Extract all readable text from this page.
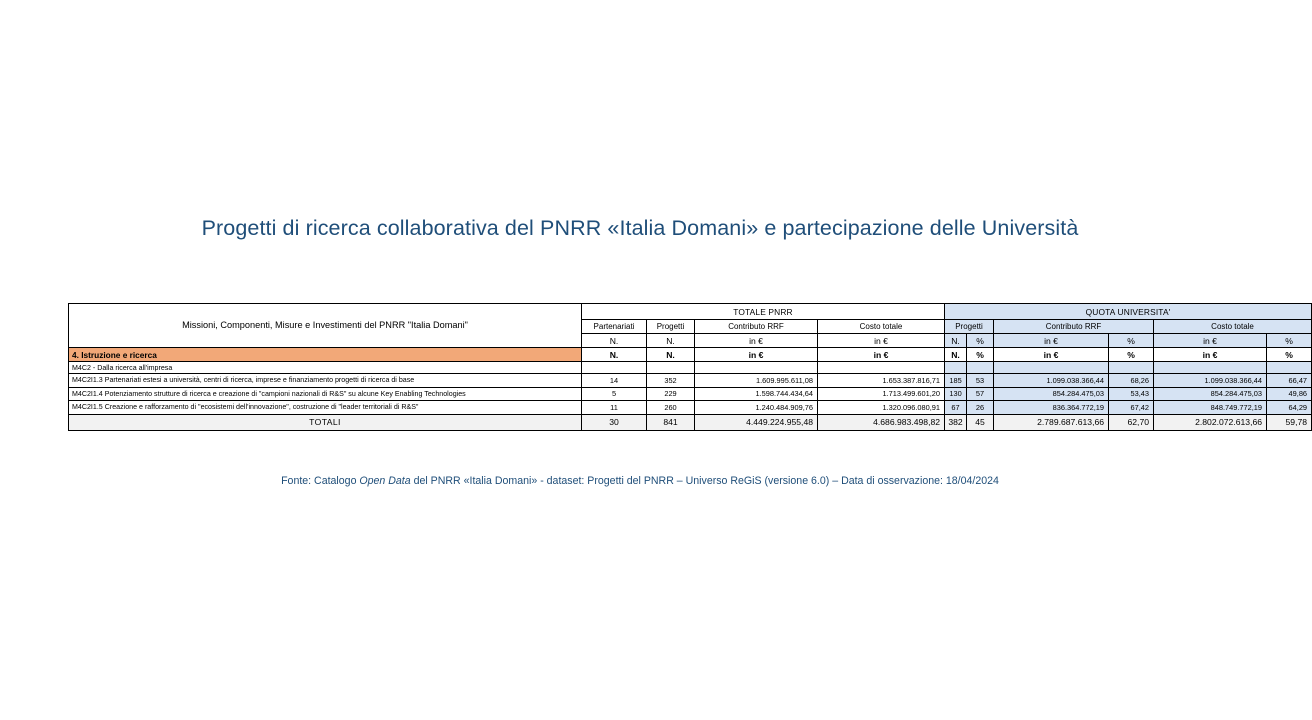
Progetti di ricerca collaborativa del PNRR «Italia Domani» e partecipazione delle Università
Missioni, Componenti, Misure e Investimenti del PNRR "Italia Domani"	TOTALE PNRR				QUOTA UNIVERSITA'					
	Partenariati	Progetti	Contributo RRF	Costo totale	Progetti		Contributo RRF		Costo totale	
	N.	N.	in €	in €	N.	%	in €	%	in €	%
4. Istruzione e ricerca	N.	N.	in €	in €	N.	%	in €	%	in €	%
M4C2 - Dalla ricerca all'impresa										
M4C2I1.3 Partenariati estesi a università, centri di ricerca, imprese e finanziamento progetti di ricerca di base	14	352	1.609.995.611,08	1.653.387.816,71	185	53	1.099.038.366,44	68,26	1.099.038.366,44	66,47
M4C2I1.4 Potenziamento strutture di ricerca e creazione di "campioni nazionali di R&S" su alcune Key Enabling Technologies	5	229	1.598.744.434,64	1.713.499.601,20	130	57	854.284.475,03	53,43	854.284.475,03	49,86
M4C2I1.5 Creazione e rafforzamento di "ecosistemi dell'innovazione", costruzione di "leader territoriali di R&S"	11	260	1.240.484.909,76	1.320.096.080,91	67	26	836.364.772,19	67,42	848.749.772,19	64,29
TOTALI	30	841	4.449.224.955,48	4.686.983.498,82	382	45	2.789.687.613,66	62,70	2.802.072.613,66	59,78
Fonte: Catalogo Open Data del PNRR «Italia Domani» - dataset: Progetti del PNRR – Universo ReGiS (versione 6.0) – Data di osservazione: 18/04/2024
